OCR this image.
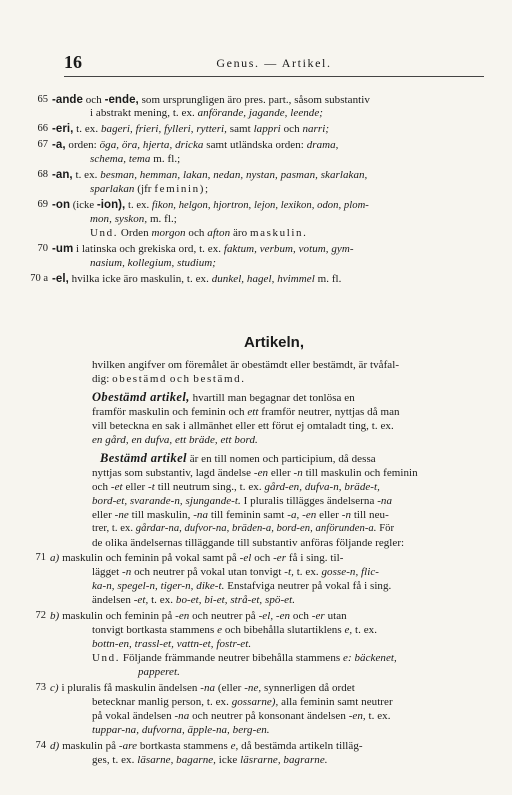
16	Genus. — Artikel.
65 -ande och -ende, som ursprungligen äro pres. part., såsom substantiv
i abstrakt mening, t. ex. anförande, jagande, leende;
66 -eri, t. ex. bageri, frieri, fylleri, rytteri, samt lappri och narri;
67 -a, orden: öga, öra, hjerta, dricka samt utländska orden: drama,
schema, tema m. fl.;
68 -an, t. ex. besman, hemman, lakan, nedan, nystan, pasman, skarlakan,
sparlakan (jfr feminin);
69 -on (icke -ion), t. ex. fikon, helgon, hjortron, lejon, lexikon, odon, plom-
mon, syskon, m. fl.;
Und. Orden morgon och afton äro maskulin.
70 -um i latinska och grekiska ord, t. ex. faktum, verbum, votum, gym-
nasium, kollegium, studium;
70 a -el, hvilka icke äro maskulin, t. ex. dunkel, hagel, hvimmel m. fl.
Artikeln,
hvilken angifver om föremålet är obestämdt eller bestämdt, är tvåfal-
dig: obestämd och bestämd.
Obestämd artikel, hvartill man begagnar det tonlösa en
framför maskulin och feminin och ett framför neutrer, nyttjas då man
vill beteckna en sak i allmänhet eller ett förut ej omtaladt ting, t. ex.
en gård, en dufva, ett bräde, ett bord.
Bestämd artikel är en till nomen och participium, då dessa
nyttjas som substantiv, lagd ändelse -en eller -n till maskulin och feminin
och -et eller -t till neutrum sing., t. ex. gård-en, dufva-n, bräde-t,
bord-et, svarande-n, sjungande-t. I pluralis tillägges ändelserna -na
eller -ne till maskulin, -na till feminin samt -a, -en eller -n till neu-
trer, t. ex. gårdar-na, dufvor-na, bräden-a, bord-en, anförunden-a. För
de olika ändelsernas tilläggande till substantiv anföras följande regler:
71 a) maskulin och feminin på vokal samt på -el och -er få i sing. til-
lägget -n och neutrer på vokal utan tonvigt -t, t. ex. gosse-n, flic-
ka-n, spegel-n, tiger-n, dike-t. Enstafviga neutrer på vokal få i sing.
ändelsen -et, t. ex. bo-et, bi-et, strå-et, spö-et.
72 b) maskulin och feminin på -en och neutrer på -el, -en och -er utan
tonvigt bortkasta stammens e och bibehålla slutartiklens e, t. ex.
bottn-en, trassl-et, vattn-et, fostr-et.
Und. Följande främmande neutrer bibehålla stammens e: bäckenet,
papperet.
73 c) i pluralis få maskulin ändelsen -na (eller -ne, synnerligen då ordet
betecknar manlig person, t. ex. gossarne), alla feminin samt neutrer
på vokal ändelsen -na och neutrer på konsonant ändelsen -en, t. ex.
tuppar-na, dufvorna, äpple-na, berg-en.
74 d) maskulin på -are bortkasta stammens e, då bestämda artikeln tilläg-
ges, t. ex. läsarne, bagarne, icke läsrarne, bagrarne.
